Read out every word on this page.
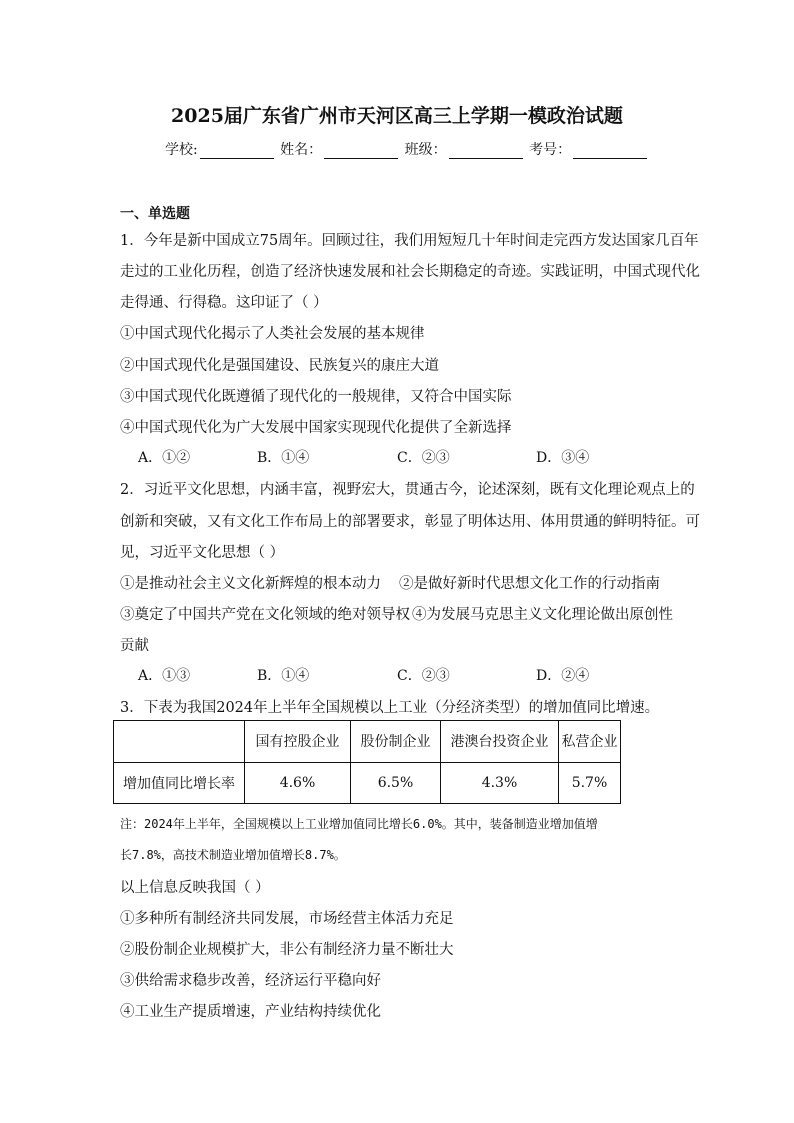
2025届广东省广州市天河区高三上学期一模政治试题
学校:	姓名：	班级：	考号：
一、单选题
1．今年是新中国成立75周年。回顾过往，我们用短短几十年时间走完西方发达国家几百年
走过的工业化历程，创造了经济快速发展和社会长期稳定的奇迹。实践证明，中国式现代化
走得通、行得稳。这印证了（ ）
①中国式现代化揭示了人类社会发展的基本规律
②中国式现代化是强国建设、民族复兴的康庄大道
③中国式现代化既遵循了现代化的一般规律，又符合中国实际
④中国式现代化为广大发展中国家实现现代化提供了全新选择
A．①②	B．①④	C．②③	D．③④
2．习近平文化思想，内涵丰富，视野宏大，贯通古今，论述深刻，既有文化理论观点上的
创新和突破，又有文化工作布局上的部署要求，彰显了明体达用、体用贯通的鲜明特征。可
见，习近平文化思想（ ）
①是推动社会主义文化新辉煌的根本动力 ②是做好新时代思想文化工作的行动指南
③奠定了中国共产党在文化领域的绝对领导权 ④为发展马克思主义文化理论做出原创性
贡献
A．①③	B．①④	C．②③	D．②④
3．下表为我国2024年上半年全国规模以上工业（分经济类型）的增加值同比增速。
	国有控股企业	股份制企业	港澳台投资企业	私营企业
增加值同比增长率	4.6%	6.5%	4.3%	5.7%
注：2024年上半年，全国规模以上工业增加值同比增长6.0%。其中，装备制造业增加值增
长7.8%，高技术制造业增加值增长8.7%。
以上信息反映我国（ ）
①多种所有制经济共同发展，市场经营主体活力充足
②股份制企业规模扩大，非公有制经济力量不断壮大
③供给需求稳步改善，经济运行平稳向好
④工业生产提质增速，产业结构持续优化
